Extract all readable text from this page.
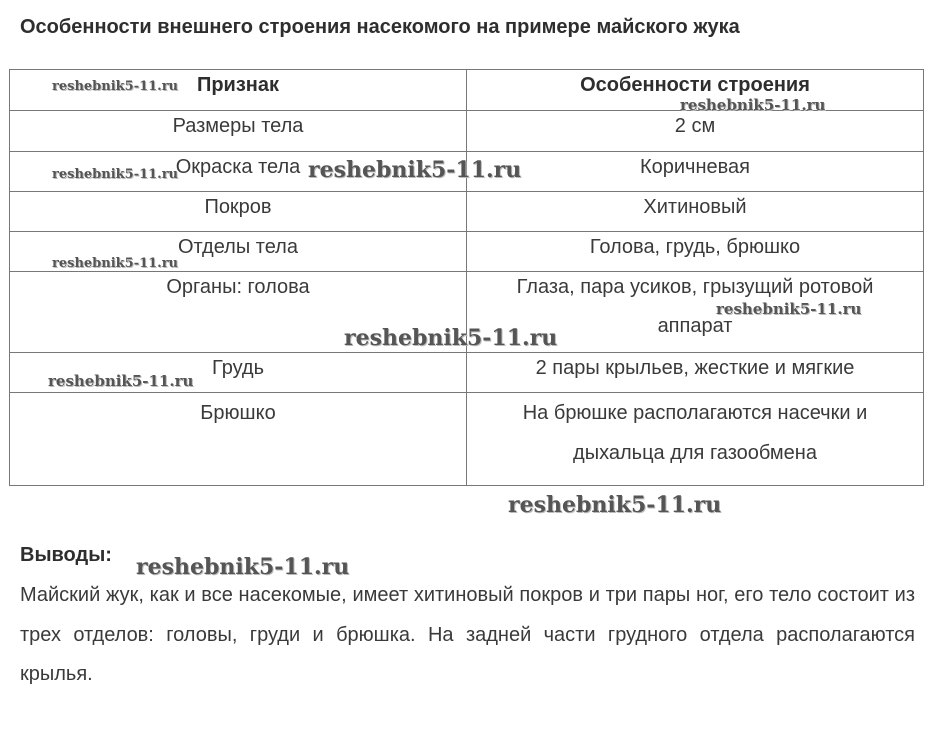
Особенности внешнего строения насекомого на примере майского жука
Признак	Особенности строения
Размеры тела	2 см
Окраска тела	Коричневая
Покров	Хитиновый
Отделы тела	Голова, грудь, брюшко
Органы: голова	Глаза, пара усиков, грызущий ротовой
аппарат

Грудь	2 пары крыльев, жесткие и мягкие
Брюшко	На брюшке располагаются насечки и
дыхальца для газообмена
Выводы:
Майский жук, как и все насекомые, имеет хитиновый покров и три пары ног, его тело состоит из трех отделов: головы, груди и брюшка. На задней части грудного отдела располагаются крылья.
reshebnik5-11.ru
reshebnik5-11.ru
reshebnik5-11.ru	reshebnik5-11.ru
reshebnik5-11.ru
reshebnik5-11.ru
reshebnik5-11.ru
reshebnik5-11.ru
reshebnik5-11.ru
reshebnik5-11.ru
